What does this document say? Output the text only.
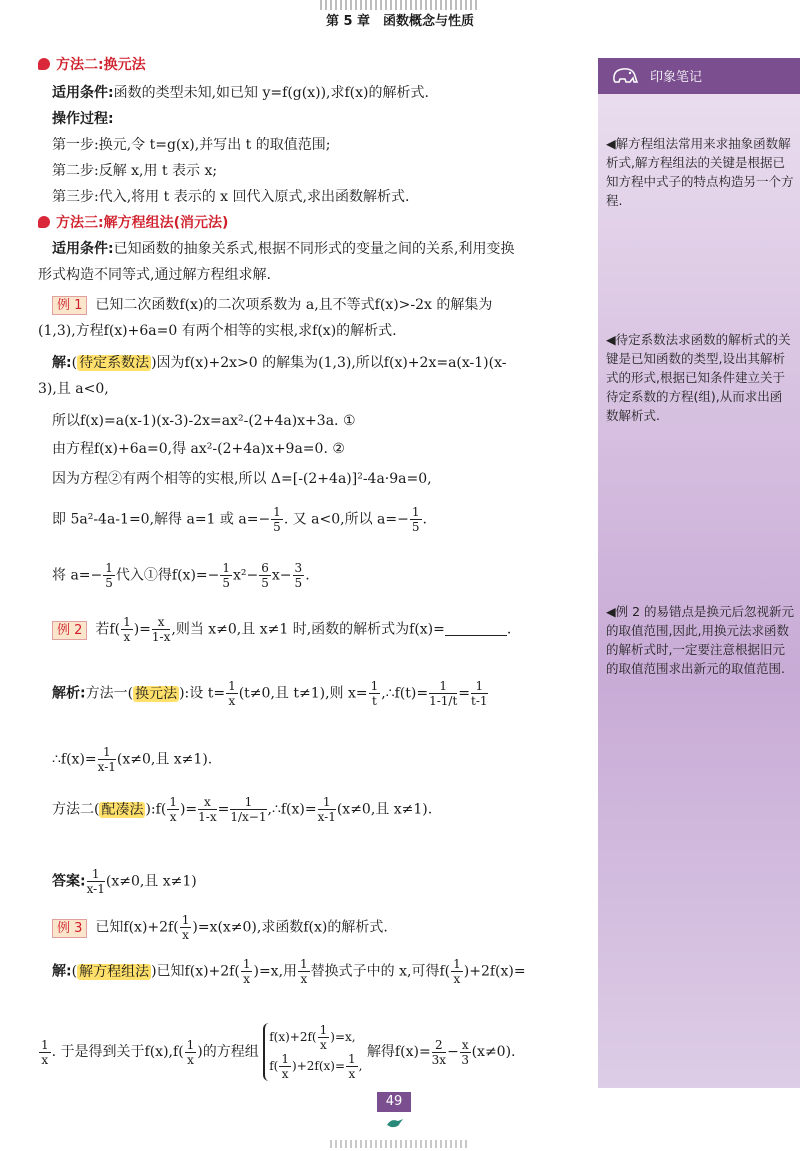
第 5 章　函数概念与性质
方法二:换元法
适用条件:函数的类型未知,如已知 y=f(g(x)),求f(x)的解析式.
操作过程:
第一步:换元,令 t=g(x),并写出 t 的取值范围;
第二步:反解 x,用 t 表示 x;
第三步:代入,将用 t 表示的 x 回代入原式,求出函数解析式.
方法三:解方程组法(消元法)
适用条件:已知函数的抽象关系式,根据不同形式的变量之间的关系,利用变换
形式构造不同等式,通过解方程组求解.
例 1 已知二次函数f(x)的二次项系数为 a,且不等式f(x)>-2x 的解集为
(1,3),方程f(x)+6a=0 有两个相等的实根,求f(x)的解析式.
解:( 待定系数法 )因为f(x)+2x>0 的解集为(1,3),所以f(x)+2x=a(x-1)(x-
3),且 a<0,
所以f(x)=a(x-1)(x-3)-2x=ax²-(2+4a)x+3a. ①
由方程f(x)+6a=0,得 ax²-(2+4a)x+9a=0. ②
因为方程②有两个相等的实根,所以 Δ=[-(2+4a)]²-4a·9a=0,
即 5a²-4a-1=0,解得 a=1 或 $a=- \frac{1}{5}$ . 又 a<0,所以 $a=- \frac{1}{5}$ .
将 $a=- \frac{1}{5}$ 代入①得$f(x)=- \frac{1}{5} x^2- \frac{6}{5} x- \frac{3}{5}$ .
例 2 若$f( \frac{1}{x}$ )= $\frac{x}{1-x}$ ,则当 x≠0,且 x≠1 时,函数的解析式为f(x)=	.
解析:方法一( 换元法 ):设 $t= \frac{1}{x} (t\ne 0$,且 t≠1),则 $x= \frac{1}{t}$ ,∴f(t)= $\frac{1}{1-1/t} = \frac{1}{t-1}$
∴f(x)= $\frac{1}{x-1} (x\ne 0$,且 x≠1).
方法二( 配凑法 ):f( $\frac{1}{x}$ )= $\frac{x}{1-x} = \frac{1}{1/x-1}$ ,∴f(x)= $\frac{1}{x-1} (x\ne 0$,且 x≠1).
答案: $\frac{1}{x-1} (x\ne 0$,且 x≠1)
例 3 已知$f(x)+2f( \frac{1}{x} )=x(x\ne 0)$,求函数f(x)的解析式.
解:( 解方程组法 )已知$f(x)+2f( \frac{1}{x} )=x$,用 $\frac{1}{x}$ 替换式子中的 x,可得$f( \frac{1}{x} )+2f(x)=$
$\frac{1}{x}$ . 于是得到关于$f(x),f( \frac{1}{x}$ )的方程组
$f(x)+2f( \frac{1}{x} )=x$,
$f( \frac{1}{x} )+2f(x)= \frac{1}{x}$ ,
解得$f(x)= \frac{2}{3x} - \frac{x}{3} (x\ne 0)$.
印象笔记
◀解方程组法常用来求抽象函数解析式,解方程组法的关键是根据已知方程中式子的特点构造另一个方程.
◀待定系数法求函数的解析式的关键是已知函数的类型,设出其解析式的形式,根据已知条件建立关于待定系数的方程(组),从而求出函数解析式.
◀例 2 的易错点是换元后忽视新元的取值范围,因此,用换元法求函数的解析式时,一定要注意根据旧元的取值范围求出新元的取值范围.
49
